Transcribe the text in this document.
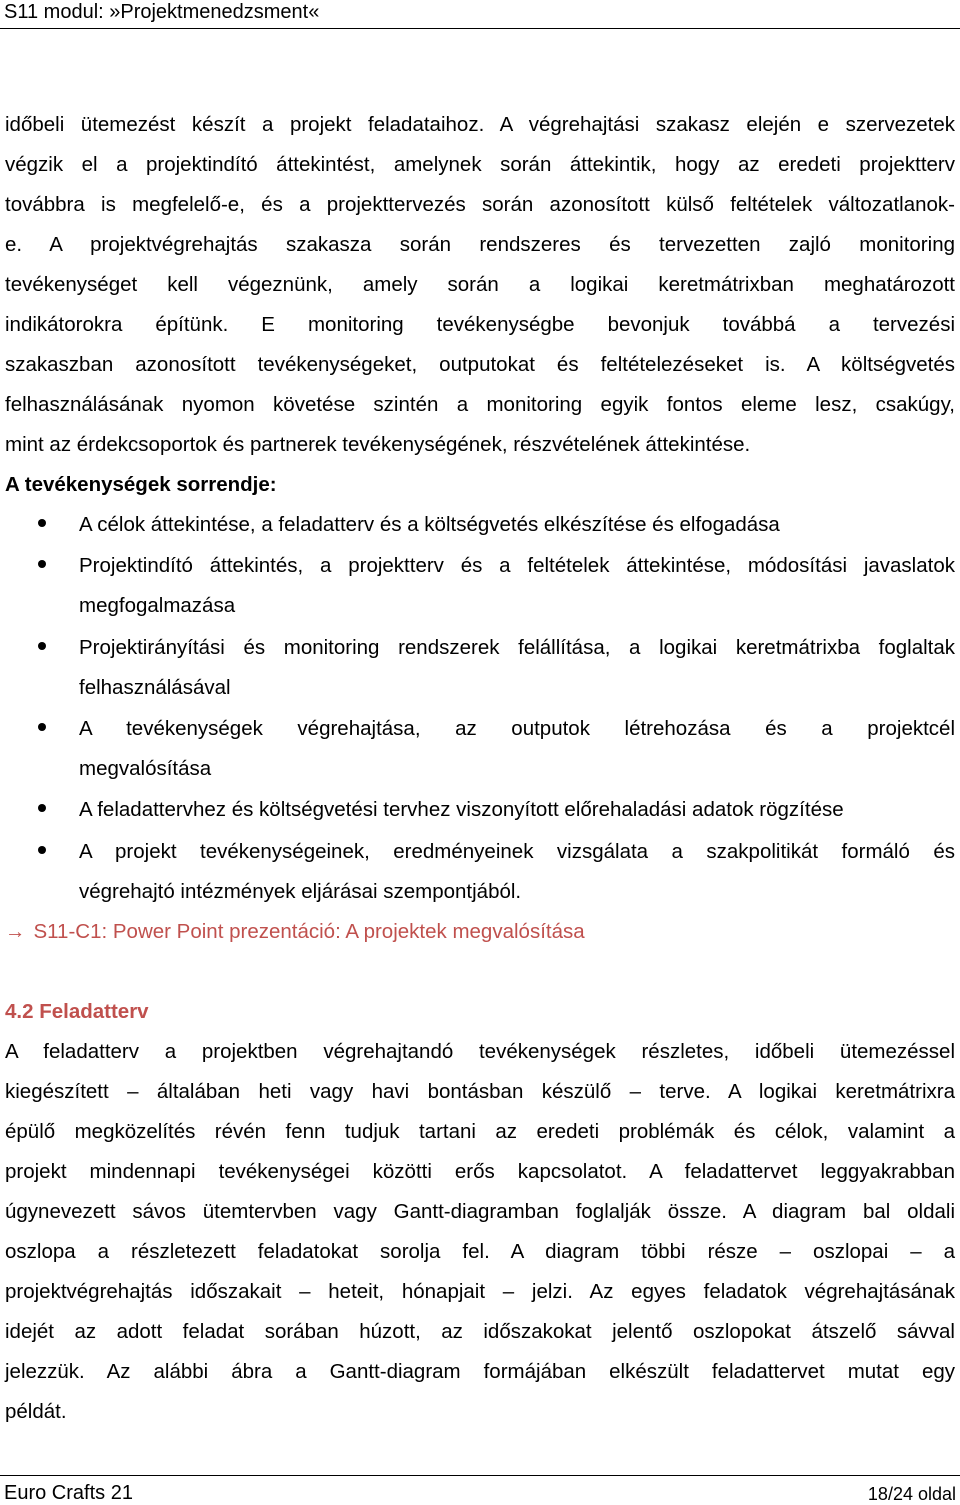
S11 modul: »Projektmenedzsment«
időbeli ütemezést készít a projekt feladataihoz. A végrehajtási szakasz elején e szervezetek
végzik el a projektindító áttekintést, amelynek során áttekintik, hogy az eredeti projektterv
továbbra is megfelelő-e, és a projekttervezés során azonosított külső feltételek változatlanok-
e. A projektvégrehajtás szakasza során rendszeres és tervezetten zajló monitoring
tevékenységet kell végeznünk, amely során a logikai keretmátrixban meghatározott
indikátorokra építünk. E monitoring tevékenységbe bevonjuk továbbá a tervezési
szakaszban azonosított tevékenységeket, outputokat és feltételezéseket is. A költségvetés
felhasználásának nyomon követése szintén a monitoring egyik fontos eleme lesz, csakúgy,
mint az érdekcsoportok és partnerek tevékenységének, részvételének áttekintése.
A tevékenységek sorrendje:
A célok áttekintése, a feladatterv és a költségvetés elkészítése és elfogadása
Projektindító áttekintés, a projektterv és a feltételek áttekintése, módosítási javaslatok
megfogalmazása
Projektirányítási és monitoring rendszerek felállítása, a logikai keretmátrixba foglaltak
felhasználásával
A tevékenységek végrehajtása, az outputok létrehozása és a projektcél
megvalósítása
A feladattervhez és költségvetési tervhez viszonyított előrehaladási adatok rögzítése
A projekt tevékenységeinek, eredményeinek vizsgálata a szakpolitikát formáló és
végrehajtó intézmények eljárásai szempontjából.
→ S11-C1: Power Point prezentáció: A projektek megvalósítása
4.2 Feladatterv
A feladatterv a projektben végrehajtandó tevékenységek részletes, időbeli ütemezéssel
kiegészített – általában heti vagy havi bontásban készülő – terve. A logikai keretmátrixra
épülő megközelítés révén fenn tudjuk tartani az eredeti problémák és célok, valamint a
projekt mindennapi tevékenységei közötti erős kapcsolatot. A feladattervet leggyakrabban
úgynevezett sávos ütemtervben vagy Gantt-diagramban foglalják össze. A diagram bal oldali
oszlopa a részletezett feladatokat sorolja fel. A diagram többi része – oszlopai – a
projektvégrehajtás időszakait – heteit, hónapjait – jelzi. Az egyes feladatok végrehajtásának
idejét az adott feladat sorában húzott, az időszakokat jelentő oszlopokat átszelő sávval
jelezzük. Az alábbi ábra a Gantt-diagram formájában elkészült feladattervet mutat egy
példát.
Euro Crafts 21	18/24 oldal
